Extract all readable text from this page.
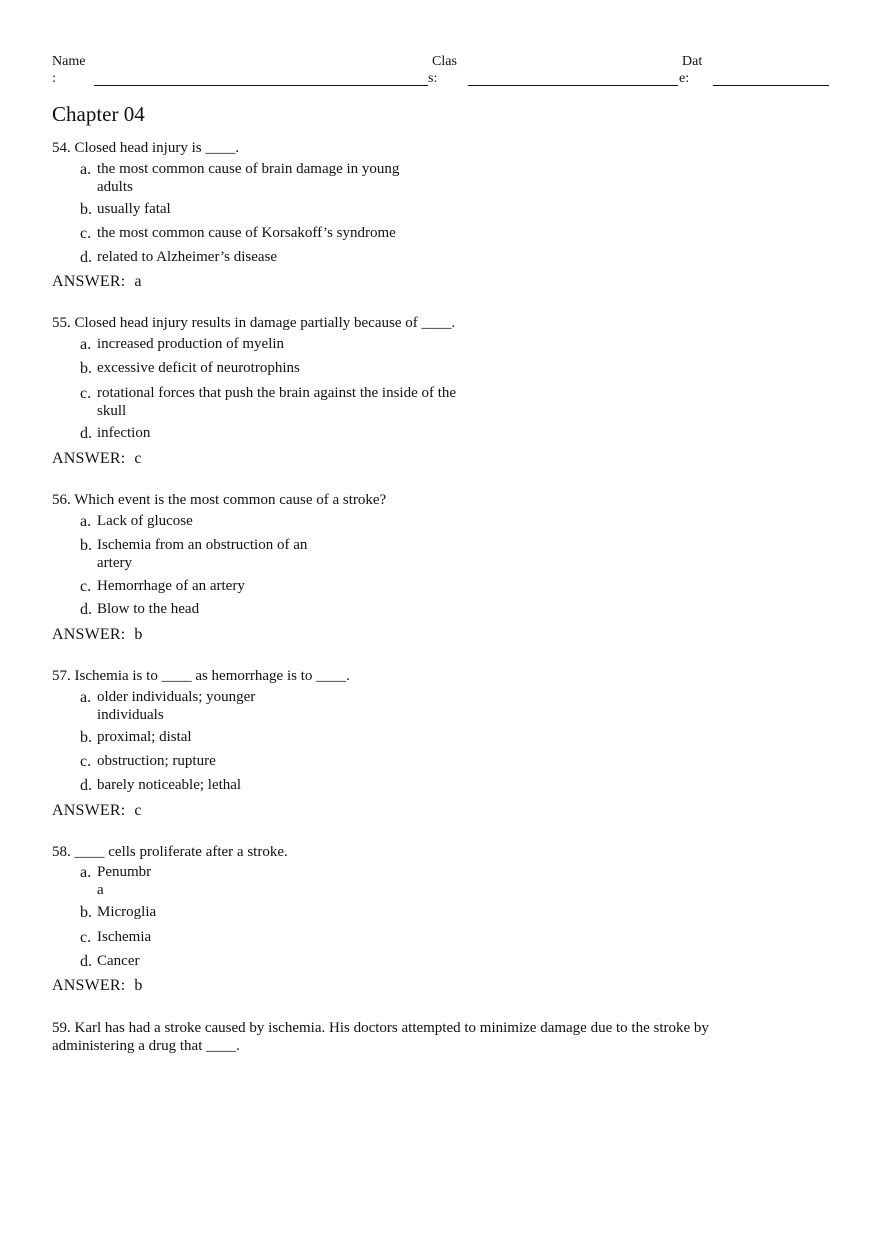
Name
:
Clas
s:
Dat
e:
Chapter 04
54. Closed head injury is ____.
a. the most common cause of brain damage in young
adults
b. usually fatal
c. the most common cause of Korsakoff’s syndrome
d. related to Alzheimer’s disease
ANSWER: a
55. Closed head injury results in damage partially because of ____.
a. increased production of myelin
b. excessive deficit of neurotrophins
c. rotational forces that push the brain against the inside of the
skull
d. infection
ANSWER: c
56. Which event is the most common cause of a stroke?
a. Lack of glucose
b. Ischemia from an obstruction of an
artery
c. Hemorrhage of an artery
d. Blow to the head
ANSWER: b
57. Ischemia is to ____ as hemorrhage is to ____.
a. older individuals; younger
individuals
b. proximal; distal
c. obstruction; rupture
d. barely noticeable; lethal
ANSWER: c
58. ____ cells proliferate after a stroke.
a. Penumbr
a
b. Microglia
c. Ischemia
d. Cancer
ANSWER: b
59. Karl has had a stroke caused by ischemia. His doctors attempted to minimize damage due to the stroke by
administering a drug that ____.
